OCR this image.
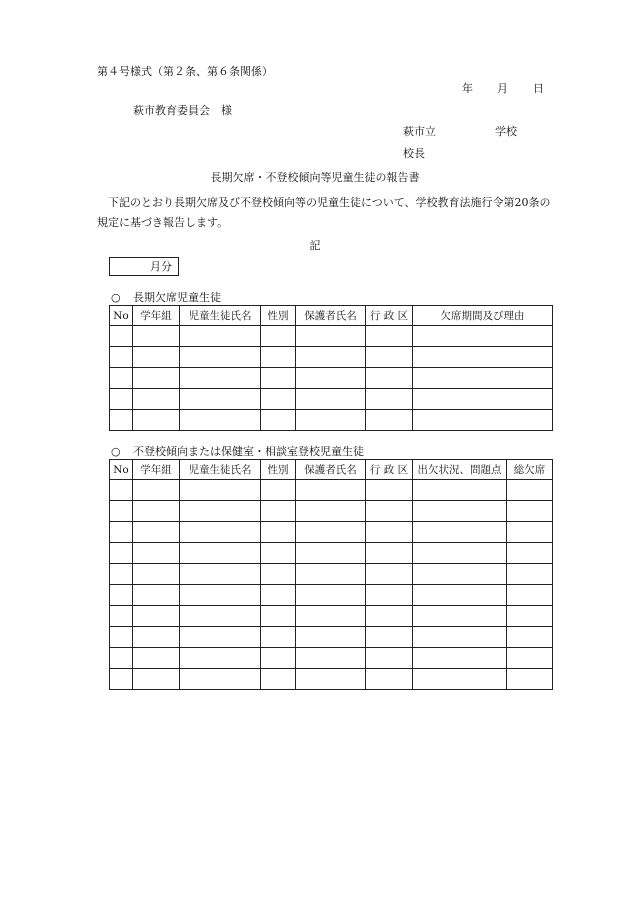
第４号様式（第２条、第６条関係）
年 月 日
萩市教育委員会　様
萩市立	学校
校長
長期欠席・不登校傾向等児童生徒の報告書
下記のとおり長期欠席及び不登校傾向等の児童生徒について、学校教育法施行令第20条の規定に基づき報告します。
記
月分
○ 長期欠席児童生徒
No	学年組	児童生徒氏名	性別	保護者氏名	行 政 区	欠席期間及び理由

○ 不登校傾向または保健室・相談室登校児童生徒
No	学年組	児童生徒氏名	性別	保護者氏名	行 政 区	出欠状況、問題点	総欠席
